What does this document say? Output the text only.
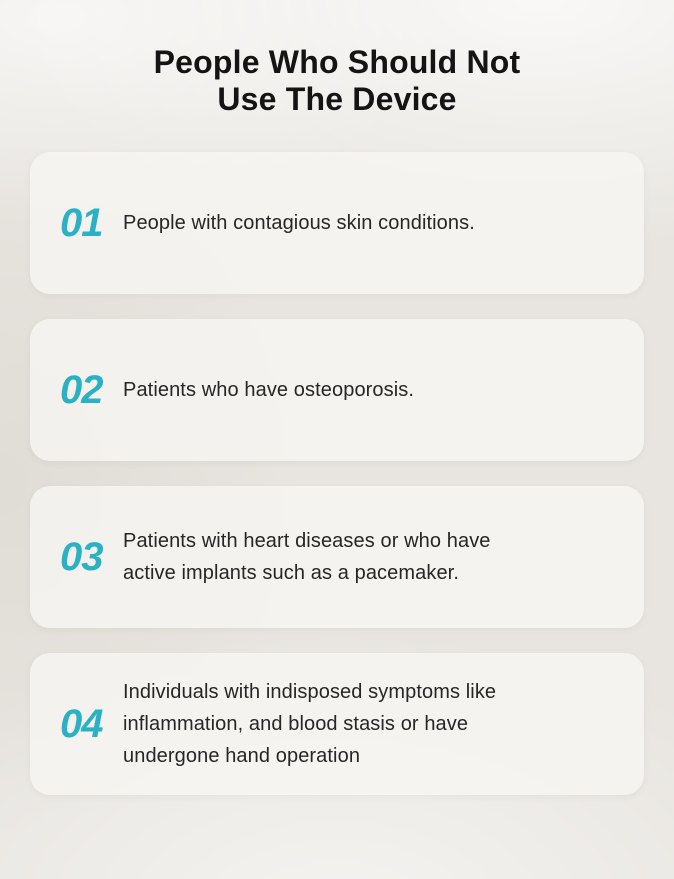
People Who Should Not
Use The Device
01 People with contagious skin conditions.
02 Patients who have osteoporosis.
03 Patients with heart diseases or who have active implants such as a pacemaker.
04
Individuals with indisposed symptoms like inflammation, and blood stasis or have undergone hand operation
